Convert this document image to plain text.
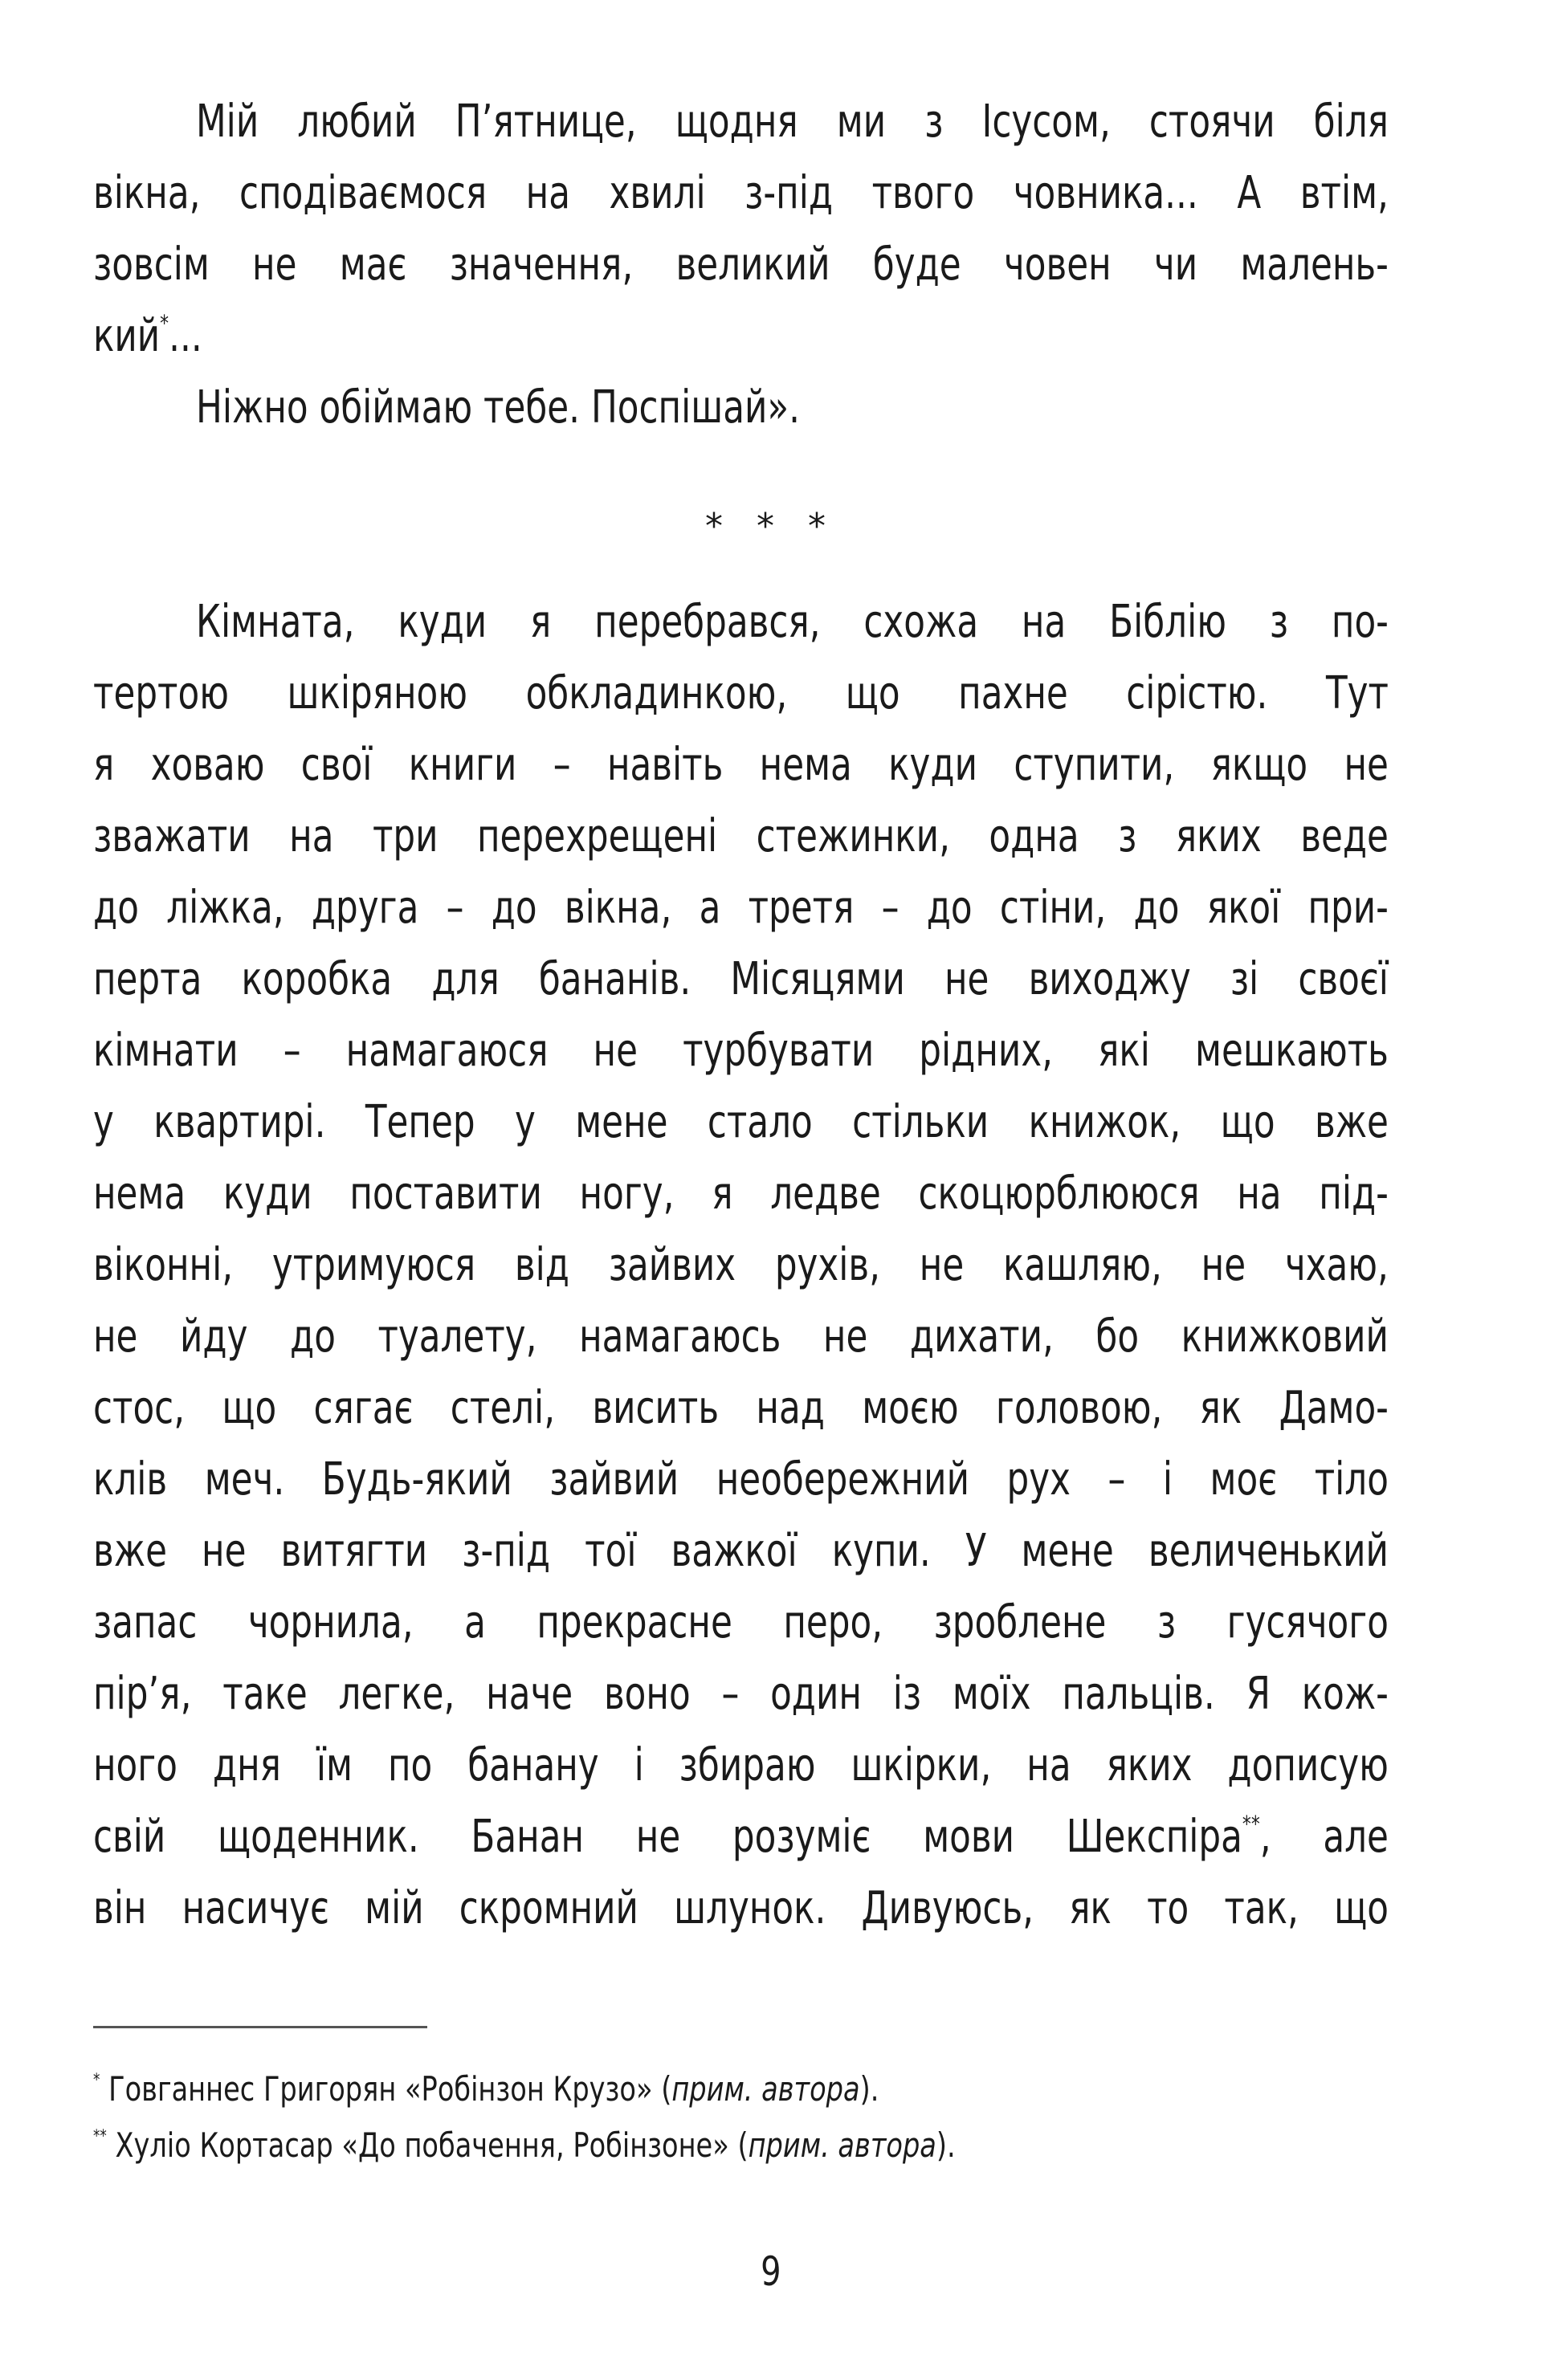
Мій любий П’ятнице, щодня ми з Ісусом, стоячи біля
вікна, сподіваємося на хвилі з-під твого човника... А втім,
зовсім не має значення, великий буде човен чи малень-
кий*...
Ніжно обіймаю тебе. Поспішай».
* * *
Кімната, куди я перебрався, схожа на Біблію з по-
тертою шкіряною обкладинкою, що пахне сірістю. Тут
я ховаю свої книги – навіть нема куди ступити, якщо не
зважати на три перехрещені стежинки, одна з яких веде
до ліжка, друга – до вікна, а третя – до стіни, до якої при-
перта коробка для бананів. Місяцями не виходжу зі своєї
кімнати – намагаюся не турбувати рідних, які мешкають
у квартирі. Тепер у мене стало стільки книжок, що вже
нема куди поставити ногу, я ледве скоцюрблююся на під-
віконні, утримуюся від зайвих рухів, не кашляю, не чхаю,
не йду до туалету, намагаюсь не дихати, бо книжковий
стос, що сягає стелі, висить над моєю головою, як Дамо-
клів меч. Будь-який зайвий необережний рух – і моє тіло
вже не витягти з-під тої важкої купи. У мене величенький
запас чорнила, а прекрасне перо, зроблене з гусячого
пір’я, таке легке, наче воно – один із моїх пальців. Я кож-
ного дня їм по банану і збираю шкірки, на яких дописую
свій щоденник. Банан не розуміє мови Шекспіра**, але
він насичує мій скромний шлунок. Дивуюсь, як то так, що
* Говганнес Григорян «Робінзон Крузо» (прим. автора).
** Хуліо Кортасар «До побачення, Робінзоне» (прим. автора).
9
